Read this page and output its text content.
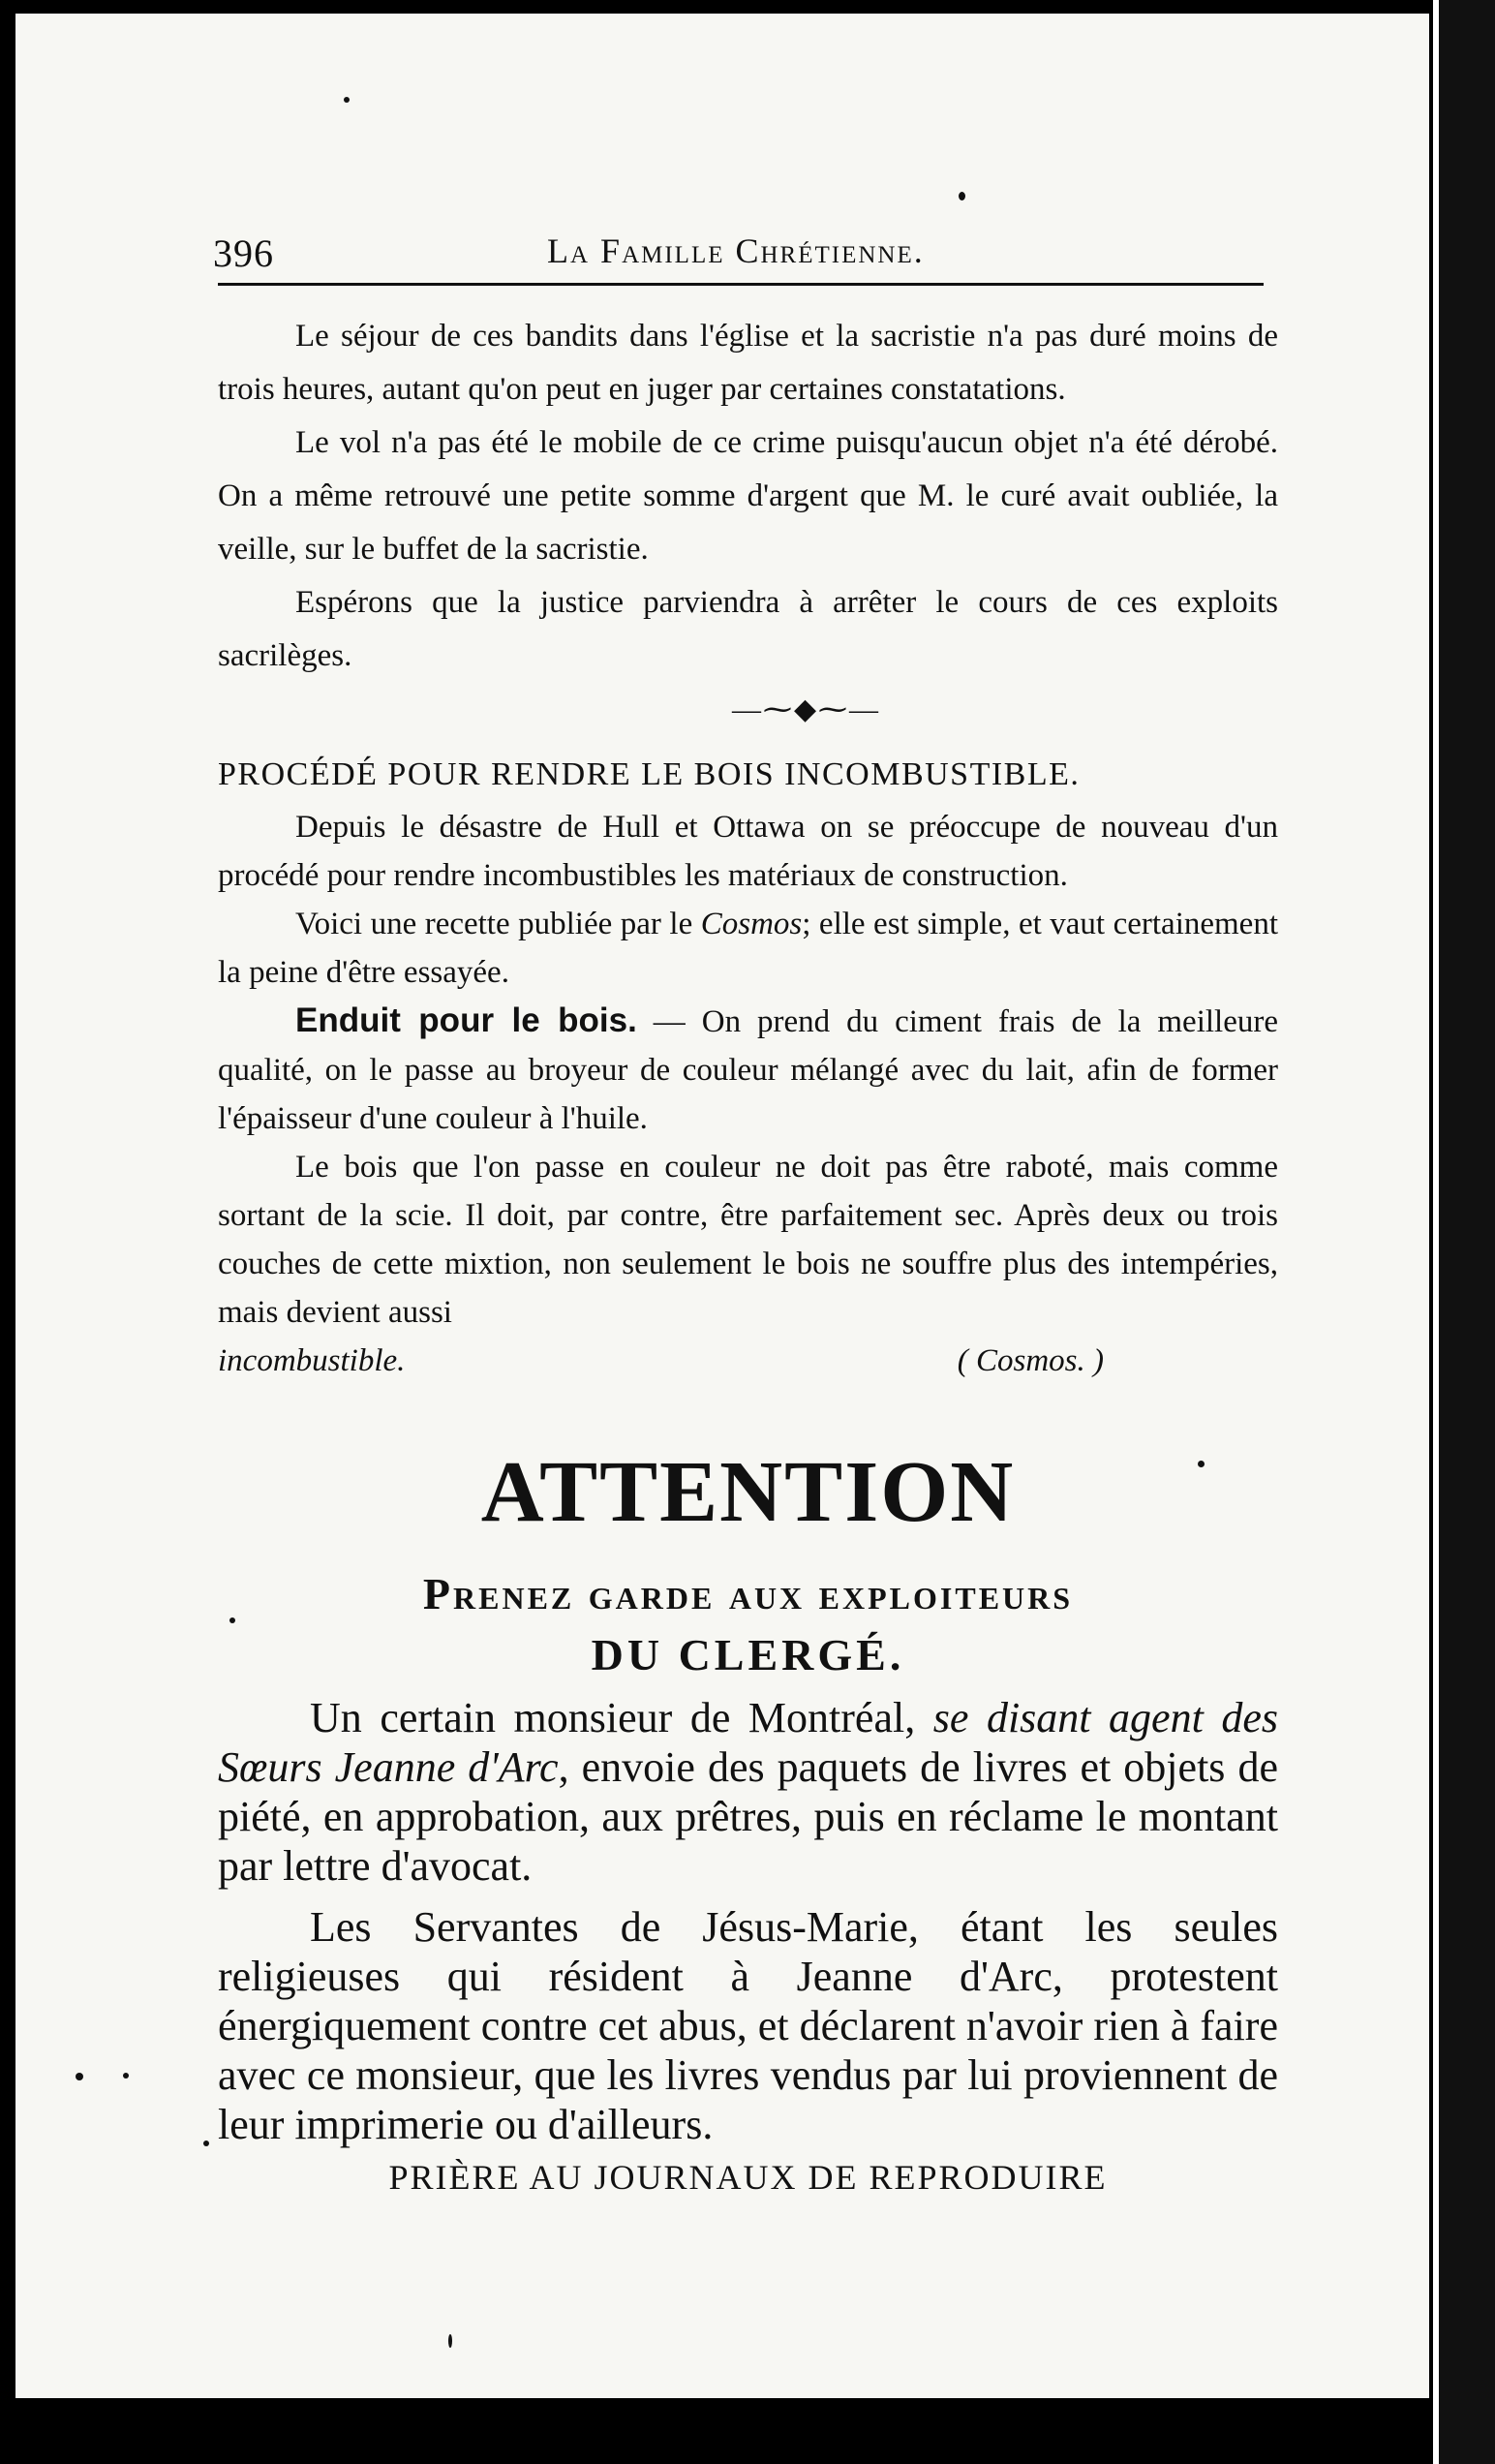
396	La Famille Chrétienne.

Le séjour de ces bandits dans l'église et la sacristie n'a pas duré moins de trois heures, autant qu'on peut en juger par certaines constatations.

Le vol n'a pas été le mobile de ce crime puisqu'aucun objet n'a été dérobé. On a même retrouvé une petite somme d'argent que M. le curé avait oubliée, la veille, sur le buffet de la sacristie.

Espérons que la justice parviendra à arrêter le cours de ces exploits sacrilèges.

—⁓◆⁓—
PROCÉDÉ POUR RENDRE LE BOIS INCOMBUSTIBLE.

Depuis le désastre de Hull et Ottawa on se préoccupe de nouveau d'un procédé pour rendre incombustibles les matériaux de construction.

Voici une recette publiée par le Cosmos; elle est simple, et vaut certainement la peine d'être essayée.

Enduit pour le bois. — On prend du ciment frais de la meilleure qualité, on le passe au broyeur de couleur mélangé avec du lait, afin de former l'épaisseur d'une couleur à l'huile.

Le bois que l'on passe en couleur ne doit pas être raboté, mais comme sortant de la scie. Il doit, par contre, être parfaitement sec. Après deux ou trois couches de cette mixtion, non seulement le bois ne souffre plus des intempéries, mais devient aussi

incombustible.	( Cosmos. )
ATTENTION
Prenez garde aux exploiteurs
DU CLERGÉ.

Un certain monsieur de Montréal, se disant agent des Sœurs Jeanne d'Arc, envoie des paquets de livres et objets de piété, en approbation, aux prêtres, puis en réclame le montant par lettre d'avocat.

Les Servantes de Jésus-Marie, étant les seules religieuses qui résident à Jeanne d'Arc, protestent énergiquement contre cet abus, et déclarent n'avoir rien à faire avec ce monsieur, que les livres vendus par lui proviennent de leur imprimerie ou d'ailleurs.

PRIÈRE AU JOURNAUX DE REPRODUIRE
